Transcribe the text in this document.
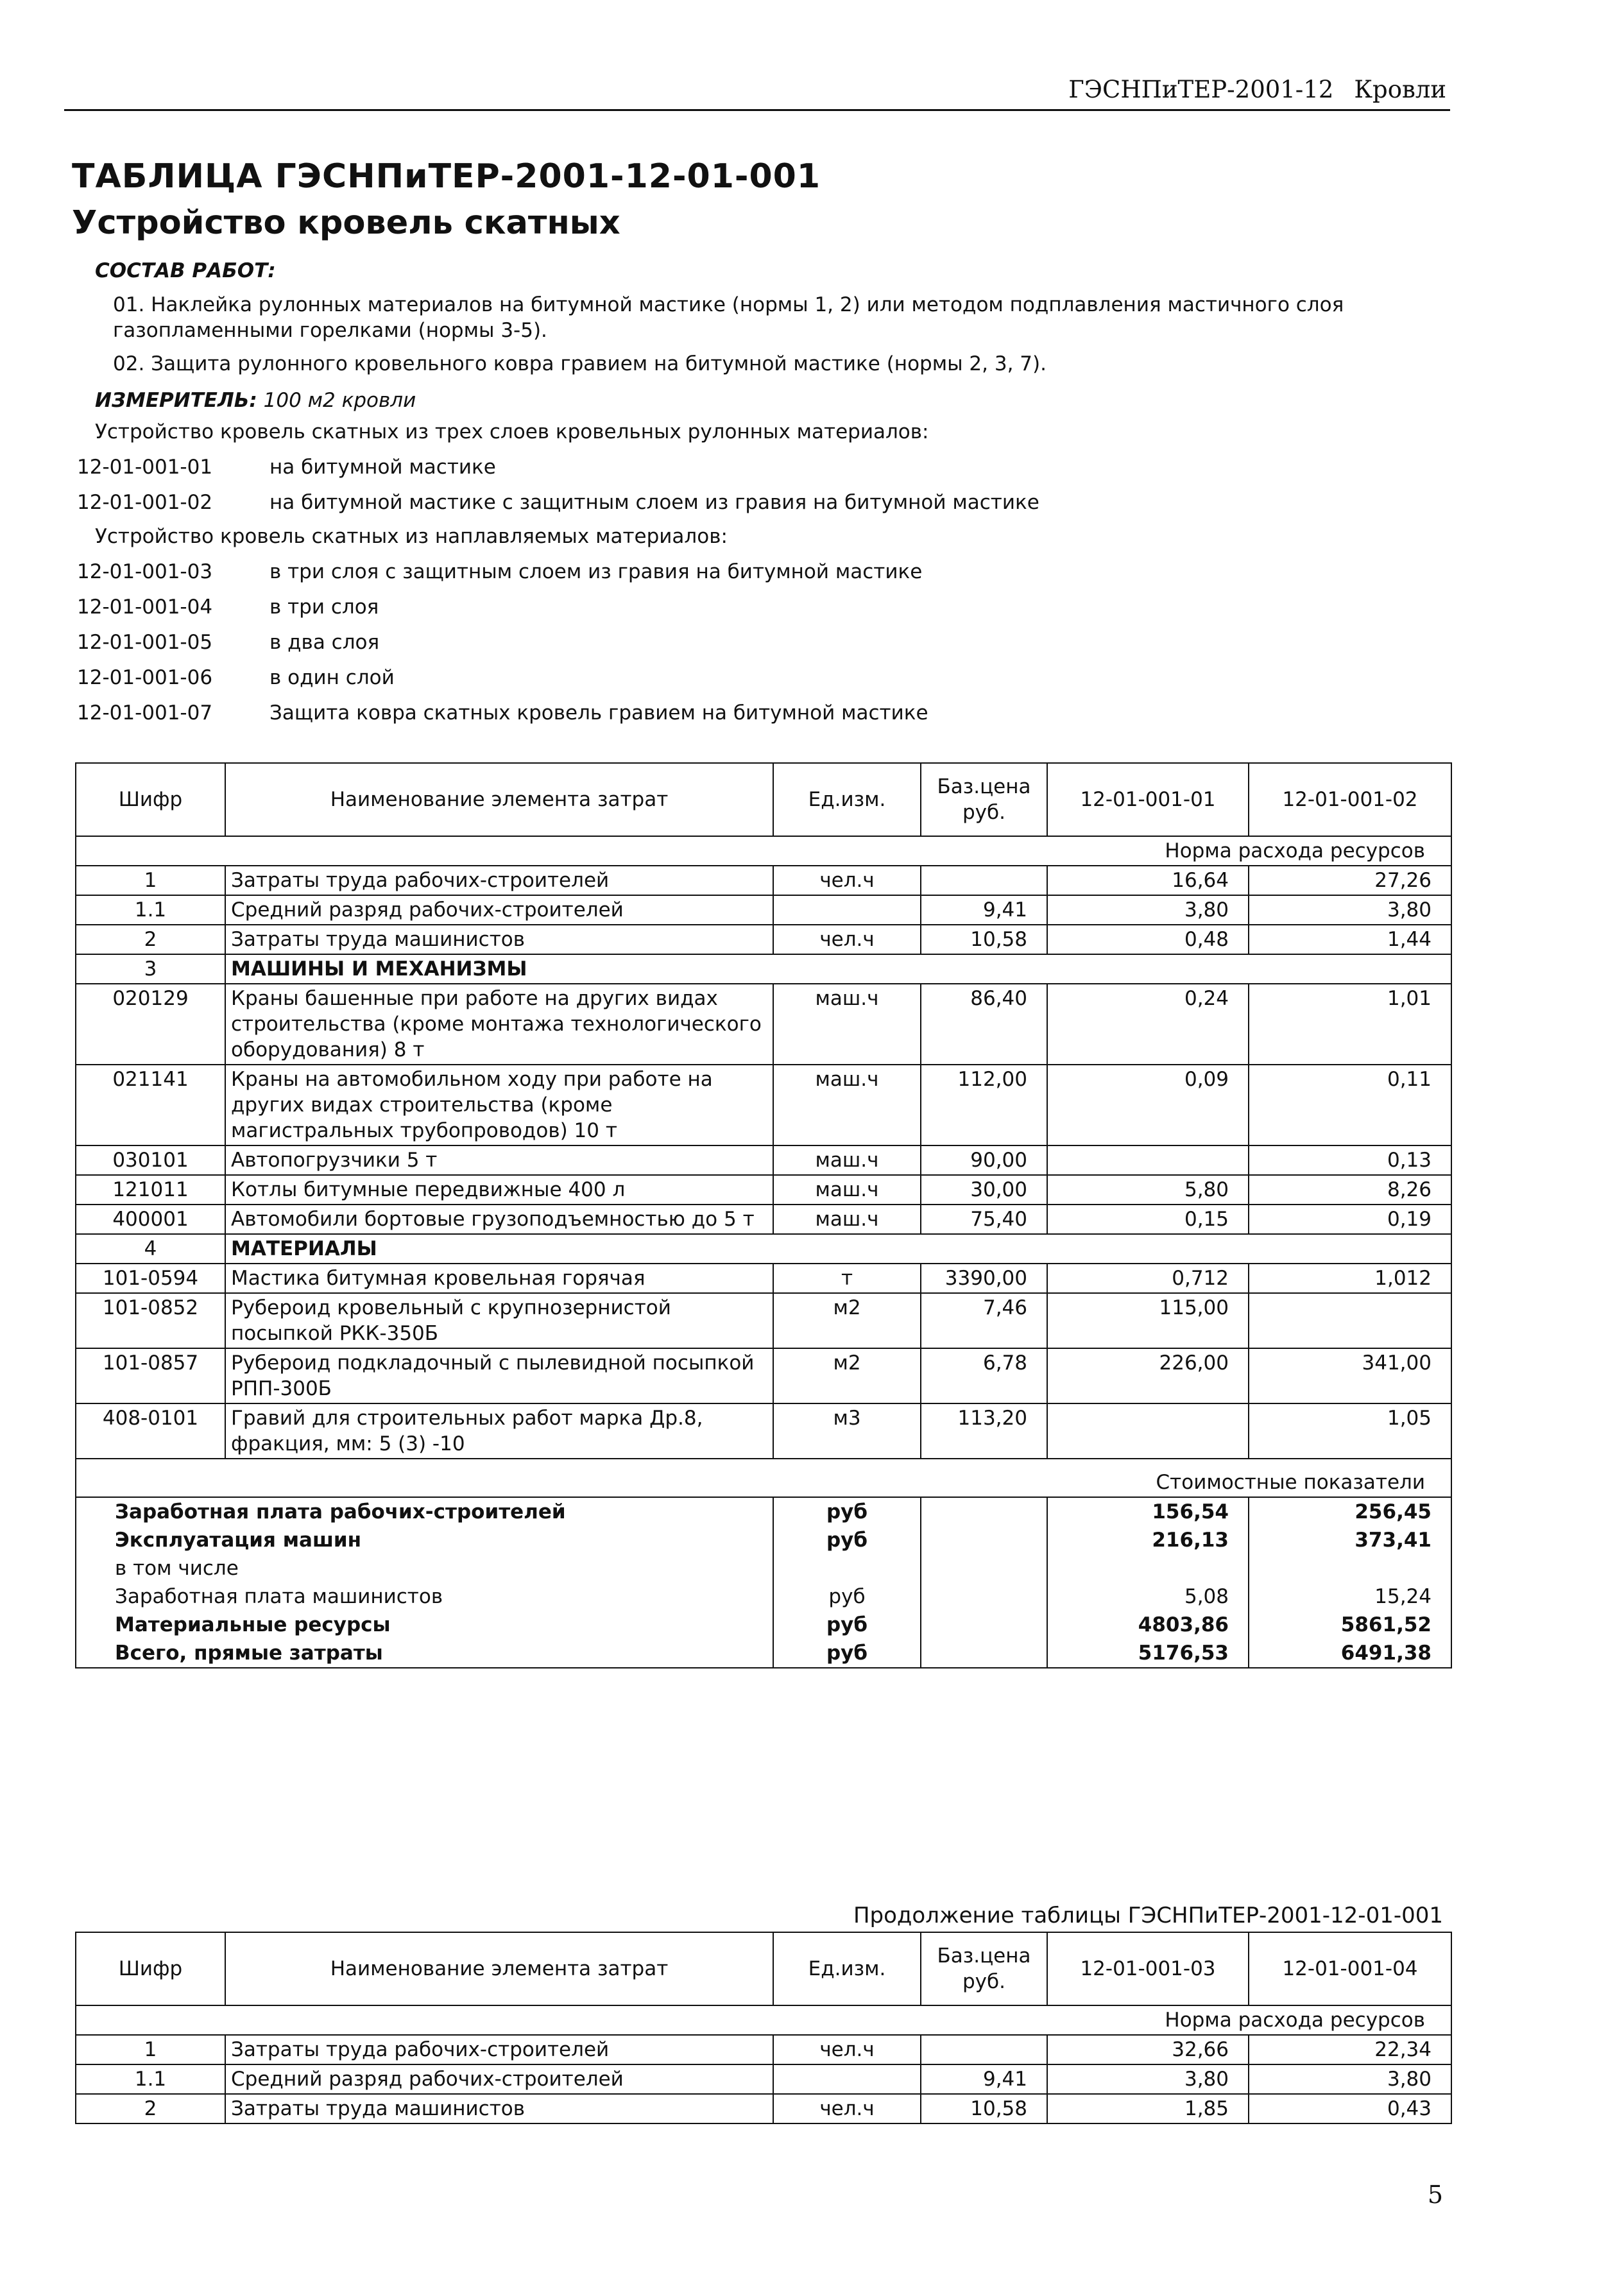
ГЭСНПиТЕР-2001-12 Кровли
ТАБЛИЦА ГЭСНПиТЕР-2001-12-01-001
Устройство кровель скатных
СОСТАВ РАБОТ:
01. Наклейка рулонных материалов на битумной мастике (нормы 1, 2) или методом подплавления мастичного слоя газопламенными горелками (нормы 3-5).
02. Защита рулонного кровельного ковра гравием на битумной мастике (нормы 2, 3, 7).
ИЗМЕРИТЕЛЬ: 100 м2 кровли
Устройство кровель скатных из трех слоев кровельных рулонных материалов:
12-01-001-01	на битумной мастике
12-01-001-02	на битумной мастике с защитным слоем из гравия на битумной мастике
Устройство кровель скатных из наплавляемых материалов:
12-01-001-03	в три слоя с защитным слоем из гравия на битумной мастике
12-01-001-04	в три слоя
12-01-001-05	в два слоя
12-01-001-06	в один слой
12-01-001-07	Защита ковра скатных кровель гравием на битумной мастике
Шифр	Наименование элемента затрат	Ед.изм.	Баз.цена руб.	12-01-001-01	12-01-001-02
Норма расхода ресурсов					
1	Затраты труда рабочих-строителей	чел.ч		16,64	27,26
1.1	Средний разряд рабочих-строителей		9,41	3,80	3,80
2	Затраты труда машинистов	чел.ч	10,58	0,48	1,44
3	МАШИНЫ И МЕХАНИЗМЫ				
020129	Краны башенные при работе на других видах строительства (кроме монтажа технологического оборудования) 8 т	маш.ч	86,40	0,24	1,01
021141	Краны на автомобильном ходу при работе на других видах строительства (кроме магистральных трубопроводов) 10 т	маш.ч	112,00	0,09	0,11
030101	Автопогрузчики 5 т	маш.ч	90,00		0,13
121011	Котлы битумные передвижные 400 л	маш.ч	30,00	5,80	8,26
400001	Автомобили бортовые грузоподъемностью до 5 т	маш.ч	75,40	0,15	0,19
4	МАТЕРИАЛЫ				
101-0594	Мастика битумная кровельная горячая	т	3390,00	0,712	1,012
101-0852	Рубероид кровельный с крупнозернистой посыпкой РКК-350Б	м2	7,46	115,00	
101-0857	Рубероид подкладочный с пылевидной посыпкой РПП-300Б	м2	6,78	226,00	341,00
408-0101	Гравий для строительных работ марка Др.8, фракция, мм: 5 (3) -10	м3	113,20		1,05
Стоимостные показатели					
Заработная плата рабочих-строителей		руб		156,54	256,45
Эксплуатация машин		руб		216,13	373,41
в том числе					
Заработная плата машинистов		руб		5,08	15,24
Материальные ресурсы		руб		4803,86	5861,52
Всего, прямые затраты		руб		5176,53	6491,38
Продолжение таблицы ГЭСНПиТЕР-2001-12-01-001
Шифр	Наименование элемента затрат	Ед.изм.	Баз.цена руб.	12-01-001-03	12-01-001-04
Норма расхода ресурсов					
1	Затраты труда рабочих-строителей	чел.ч		32,66	22,34
1.1	Средний разряд рабочих-строителей		9,41	3,80	3,80
2	Затраты труда машинистов	чел.ч	10,58	1,85	0,43
5
